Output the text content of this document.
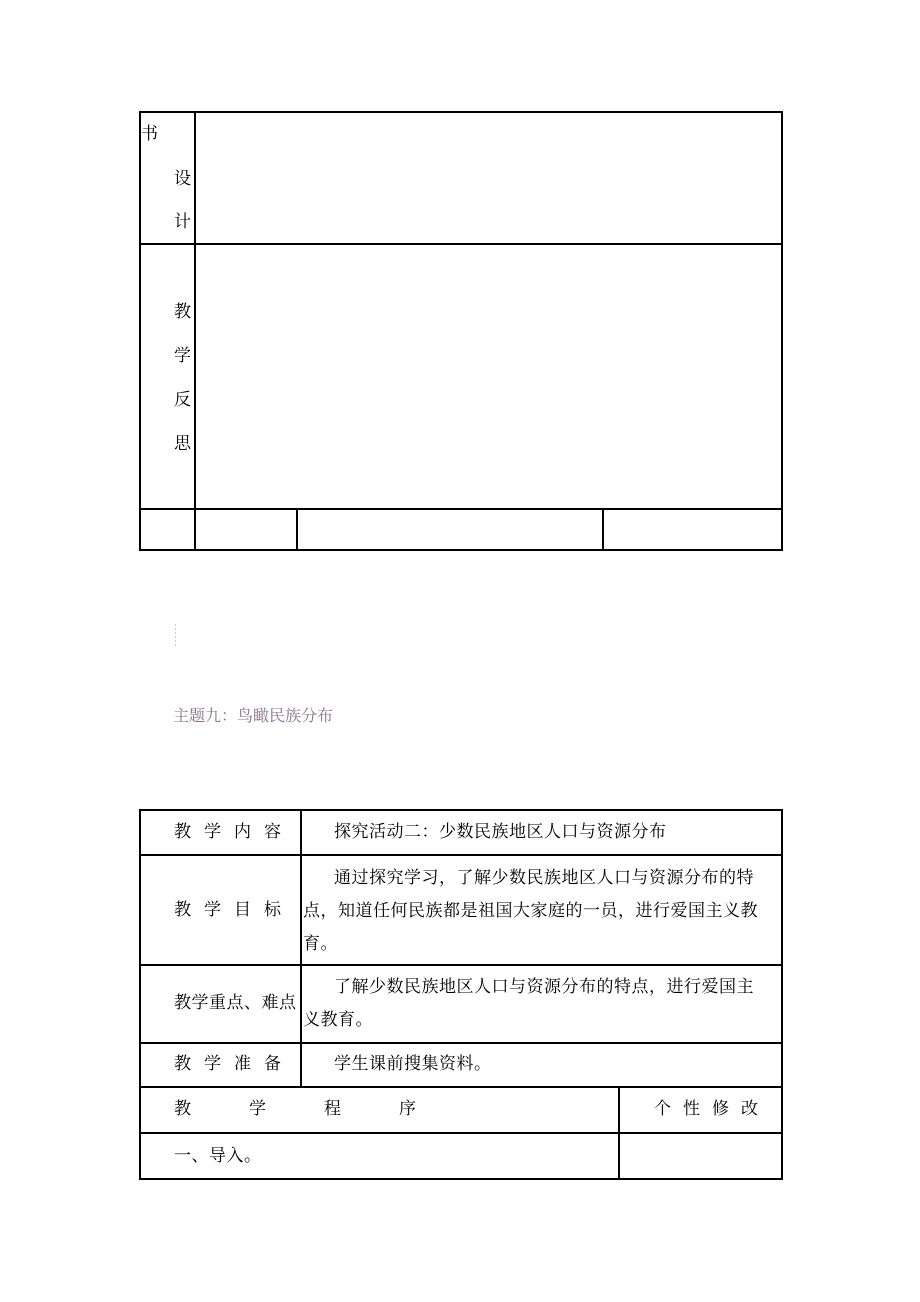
书
设
计
教
学
反
思
主题九：鸟瞰民族分布
教学内容 探究活动二：少数民族地区人口与资源分布
教学目标
通过探究学习，了解少数民族地区人口与资源分布的特
点，知道任何民族都是祖国大家庭的一员，进行爱国主义教
育。
教学重点、难点
了解少数民族地区人口与资源分布的特点，进行爱国主
义教育。
教学准备 学生课前搜集资料。
教学程序	个性修改
一、导入。
